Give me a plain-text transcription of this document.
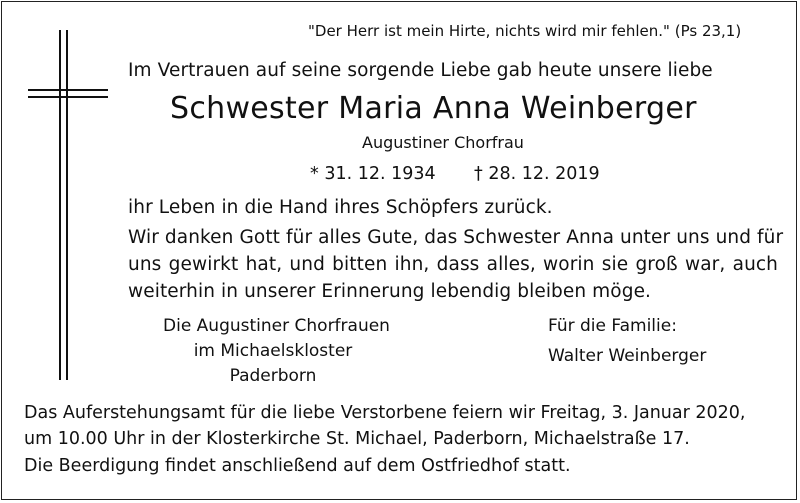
"Der Herr ist mein Hirte, nichts wird mir fehlen." (Ps 23,1)
Im Vertrauen auf seine sorgende Liebe gab heute unsere liebe
Schwester Maria Anna Weinberger
Augustiner Chorfrau
* 31. 12. 1934 † 28. 12. 2019
ihr Leben in die Hand ihres Schöpfers zurück.
Wir danken Gott für alles Gute, das Schwester Anna unter uns und für
uns gewirkt hat, und bitten ihn, dass alles, worin sie groß war, auch
weiterhin in unserer Erinnerung lebendig bleiben möge.
Die Augustiner Chorfrauen
im Michaelskloster
Paderborn
Für die Familie:
Walter Weinberger
Das Auferstehungsamt für die liebe Verstorbene feiern wir Freitag, 3. Januar 2020,
um 10.00 Uhr in der Klosterkirche St. Michael, Paderborn, Michaelstraße 17.
Die Beerdigung findet anschließend auf dem Ostfriedhof statt.
